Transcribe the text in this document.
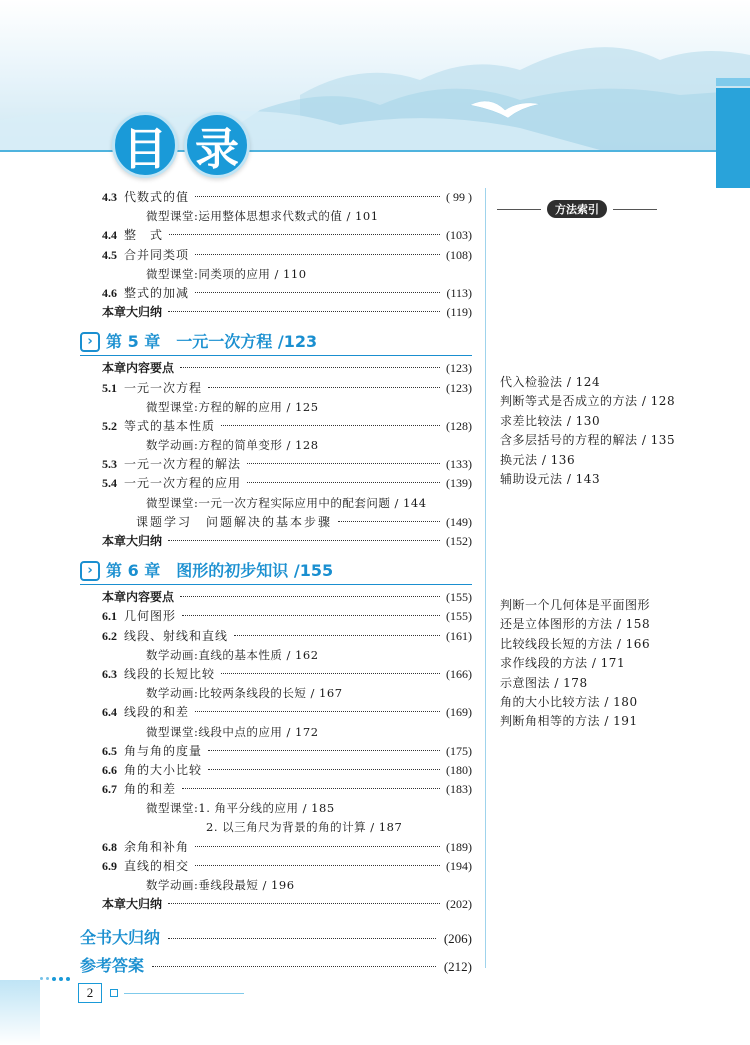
目 录
4.3 代数式的值	( 99 )
微型课堂:运用整体思想求代数式的值 / 101
4.4 整　式	(103)
4.5 合并同类项	(108)
微型课堂:同类项的应用 / 110
4.6 整式的加减	(113)
本章大归纳	(119)
› 第 5 章　一元一次方程 /123
本章内容要点	(123)
5.1 一元一次方程	(123)
微型课堂:方程的解的应用 / 125
5.2 等式的基本性质	(128)
数学动画:方程的简单变形 / 128
5.3 一元一次方程的解法	(133)
5.4 一元一次方程的应用	(139)
微型课堂:一元一次方程实际应用中的配套问题 / 144
课题学习　问题解决的基本步骤	(149)
本章大归纳	(152)
› 第 6 章　图形的初步知识 /155
本章内容要点	(155)
6.1 几何图形	(155)
6.2 线段、射线和直线	(161)
数学动画:直线的基本性质 / 162
6.3 线段的长短比较	(166)
数学动画:比较两条线段的长短 / 167
6.4 线段的和差	(169)
微型课堂:线段中点的应用 / 172
6.5 角与角的度量	(175)
6.6 角的大小比较	(180)
6.7 角的和差	(183)
微型课堂:1. 角平分线的应用 / 185
2. 以三角尺为背景的角的计算 / 187
6.8 余角和补角	(189)
6.9 直线的相交	(194)
数学动画:垂线段最短 / 196
本章大归纳	(202)
全书大归纳	(206)
参考答案	(212)
方法索引
代入检验法 / 124
判断等式是否成立的方法 / 128
求差比较法 / 130
含多层括号的方程的解法 / 135
换元法 / 136
辅助设元法 / 143
判断一个几何体是平面图形
还是立体图形的方法 / 158
比较线段长短的方法 / 166
求作线段的方法 / 171
示意图法 / 178
角的大小比较方法 / 180
判断角相等的方法 / 191
2
